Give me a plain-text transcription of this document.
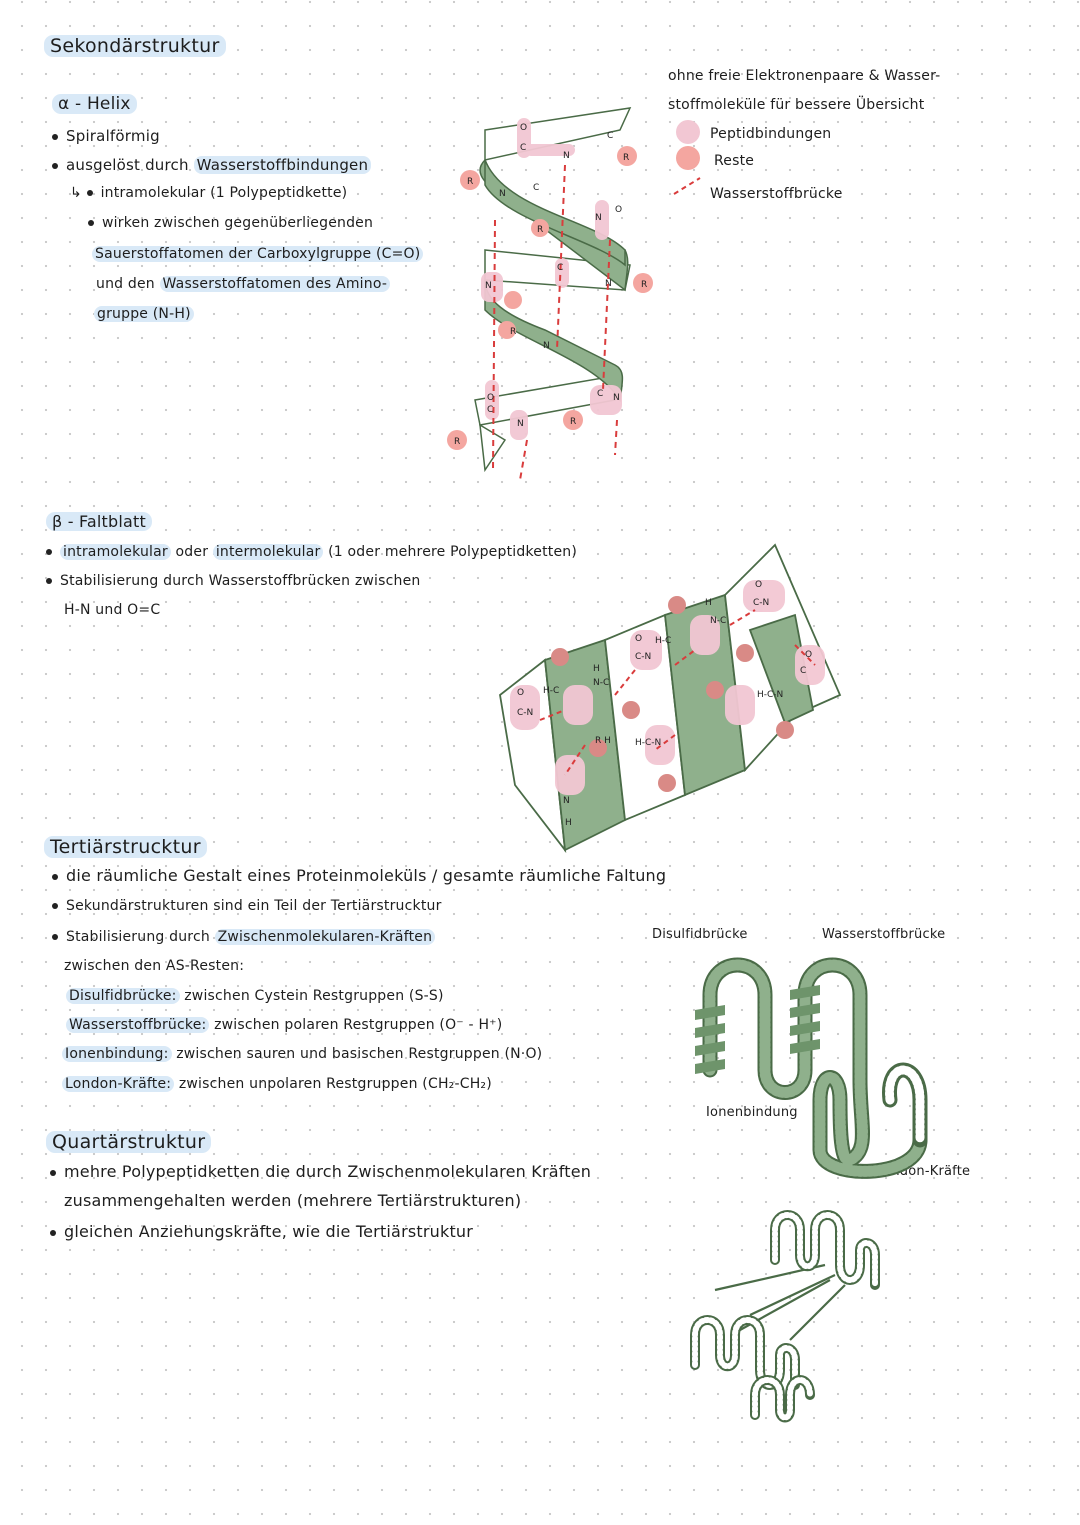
Sekondärstruktur
α - Helix
Spiralförmig
ausgelöst durch Wasserstoffbindungen
↳ intramolekular (1 Polypeptidkette)
wirken zwischen gegenüberliegenden
Sauerstoffatomen der Carboxylgruppe (C=O)
und den Wasserstoffatomen des Amino-
gruppe (N-H)
ohne freie Elektronenpaare & Wasser-
stoffmoleküle für bessere Übersicht
Peptidbindungen
Reste
Wasserstoffbrücke
O
C
N
C
R
R
N
C
R
N
O
C
N	N	R
R
N
O
C
N	R
C N
R
β - Faltblatt
intramolekular oder intermolekular (1 oder mehrere Polypeptidketten)
Stabilisierung durch Wasserstoffbrücken zwischen
H-N und O=C
O
C-N
H-C
H
N-C
O
C-N
H-C
H
N-C
O
C-N
H-C-N
O
C
R H	H-C-N
N
H
Tertiärstrucktur
die räumliche Gestalt eines Proteinmoleküls / gesamte räumliche Faltung
Sekundärstrukturen sind ein Teil der Tertiärstrucktur
Stabilisierung durch Zwischenmolekularen-Kräften
zwischen den AS-Resten:
Disulfidbrücke: zwischen Cystein Restgruppen (S-S)
Wasserstoffbrücke: zwischen polaren Restgruppen (O⁻ - H⁺)
Ionenbindung: zwischen sauren und basischen Restgruppen (N·O)
London-Kräfte: zwischen unpolaren Restgruppen (CH₂-CH₂)
Disulfidbrücke	Wasserstoffbrücke
Ionenbindung
London-Kräfte
Quartärstruktur
mehre Polypeptidketten die durch Zwischenmolekularen Kräften
zusammengehalten werden (mehrere Tertiärstrukturen)
gleichen Anziehungskräfte, wie die Tertiärstruktur
